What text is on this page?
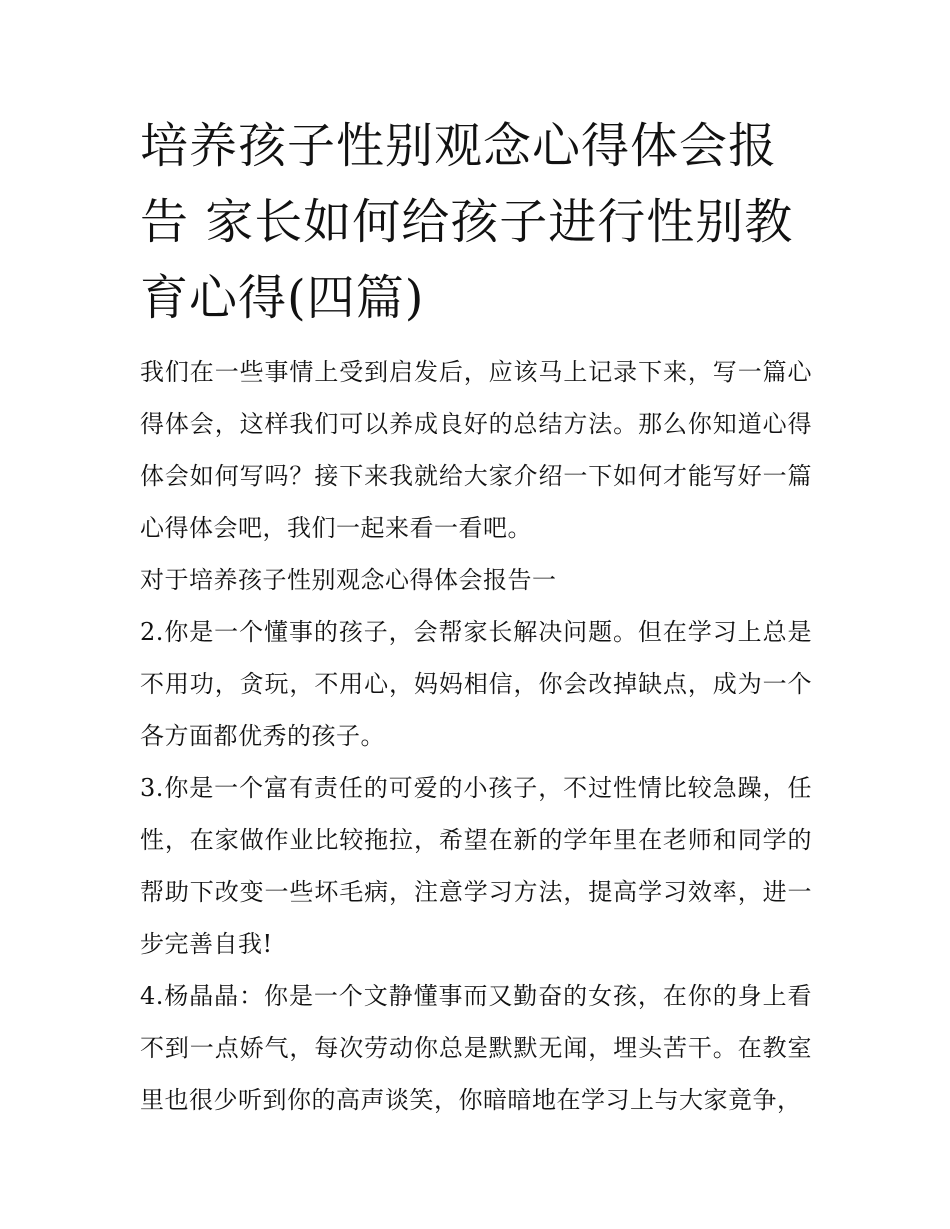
培养孩子性别观念心得体会报告 家长如何给孩子进行性别教育心得(四篇)

我们在一些事情上受到启发后，应该马上记录下来，写一篇心得体会，这样我们可以养成良好的总结方法。那么你知道心得体会如何写吗？接下来我就给大家介绍一下如何才能写好一篇心得体会吧，我们一起来看一看吧。

对于培养孩子性别观念心得体会报告一

2.你是一个懂事的孩子，会帮家长解决问题。但在学习上总是不用功，贪玩，不用心，妈妈相信，你会改掉缺点，成为一个各方面都优秀的孩子。

3.你是一个富有责任的可爱的小孩子，不过性情比较急躁，任性，在家做作业比较拖拉，希望在新的学年里在老师和同学的帮助下改变一些坏毛病，注意学习方法，提高学习效率，进一步完善自我!

4.杨晶晶：你是一个文静懂事而又勤奋的女孩，在你的身上看不到一点娇气，每次劳动你总是默默无闻，埋头苦干。在教室里也很少听到你的高声谈笑，你暗暗地在学习上与大家竟争，
